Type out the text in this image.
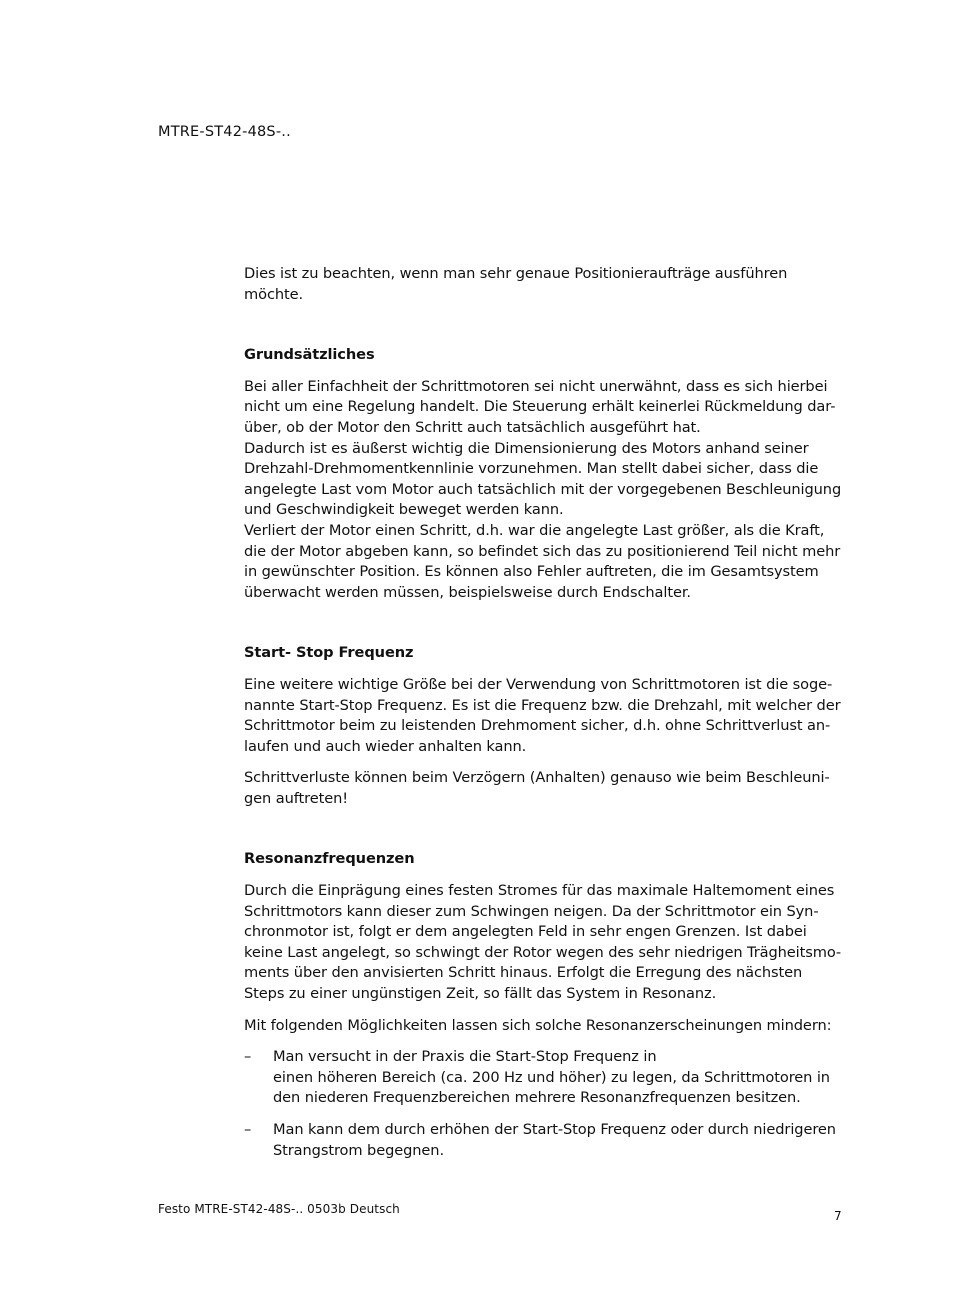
MTRE-ST42-48S-..

Dies ist zu beachten, wenn man sehr genaue Positionieraufträge ausführen
möchte.

Grundsätzliches

Bei aller Einfachheit der Schrittmotoren sei nicht unerwähnt, dass es sich hierbei
nicht um eine Regelung handelt. Die Steuerung erhält keinerlei Rückmeldung dar-
über, ob der Motor den Schritt auch tatsächlich ausgeführt hat.
Dadurch ist es äußerst wichtig die Dimensionierung des Motors anhand seiner
Drehzahl-Drehmomentkennlinie vorzunehmen. Man stellt dabei sicher, dass die
angelegte Last vom Motor auch tatsächlich mit der vorgegebenen Beschleunigung
und Geschwindigkeit beweget werden kann.
Verliert der Motor einen Schritt, d.h. war die angelegte Last größer, als die Kraft,
die der Motor abgeben kann, so befindet sich das zu positionierend Teil nicht mehr
in gewünschter Position. Es können also Fehler auftreten, die im Gesamtsystem
überwacht werden müssen, beispielsweise durch Endschalter.

Start- Stop Frequenz

Eine weitere wichtige Größe bei der Verwendung von Schrittmotoren ist die soge-
nannte Start-Stop Frequenz. Es ist die Frequenz bzw. die Drehzahl, mit welcher der
Schrittmotor beim zu leistenden Drehmoment sicher, d.h. ohne Schrittverlust an-
laufen und auch wieder anhalten kann.

Schrittverluste können beim Verzögern (Anhalten) genauso wie beim Beschleuni-
gen auftreten!

Resonanzfrequenzen

Durch die Einprägung eines festen Stromes für das maximale Haltemoment eines
Schrittmotors kann dieser zum Schwingen neigen. Da der Schrittmotor ein Syn-
chronmotor ist, folgt er dem angelegten Feld in sehr engen Grenzen. Ist dabei
keine Last angelegt, so schwingt der Rotor wegen des sehr niedrigen Trägheitsmo-
ments über den anvisierten Schritt hinaus. Erfolgt die Erregung des nächsten
Steps zu einer ungünstigen Zeit, so fällt das System in Resonanz.

Mit folgenden Möglichkeiten lassen sich solche Resonanzerscheinungen mindern:

– Man versucht in der Praxis die Start-Stop Frequenz in
einen höheren Bereich (ca. 200 Hz und höher) zu legen, da Schrittmotoren in
den niederen Frequenzbereichen mehrere Resonanzfrequenzen besitzen.
– Man kann dem durch erhöhen der Start-Stop Frequenz oder durch niedrigeren
Strangstrom begegnen.
Festo MTRE-ST42-48S-.. 0503b Deutsch	7
